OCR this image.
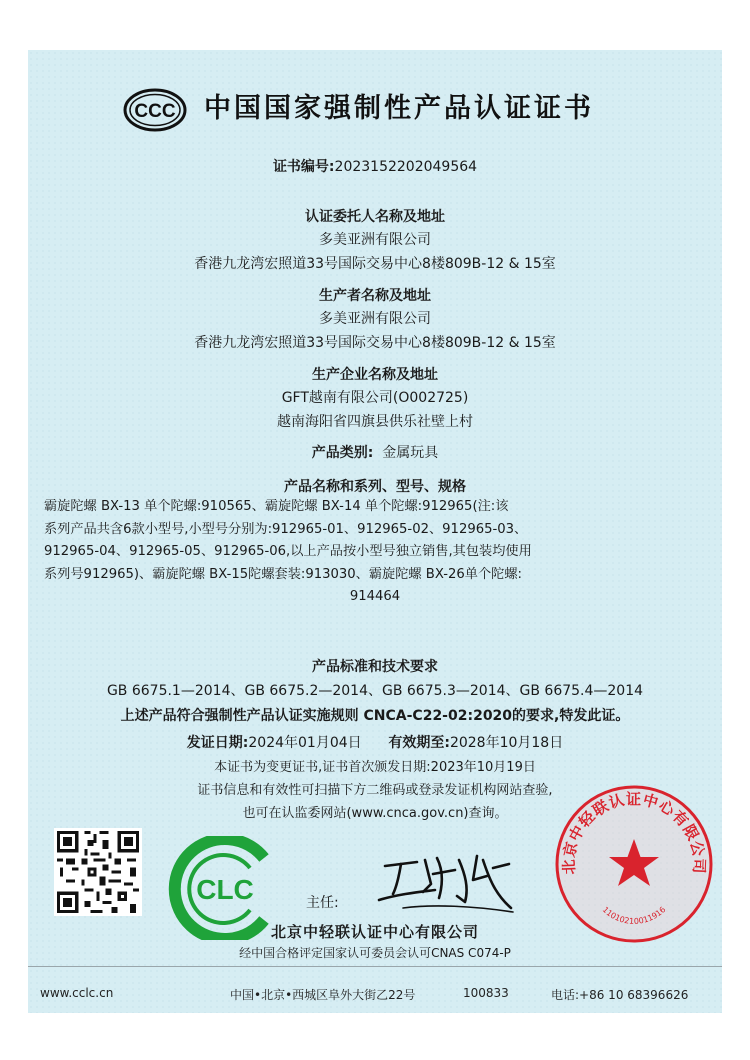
CCC 中国国家强制性产品认证证书
证书编号:2023152202049564
认证委托人名称及地址
多美亚洲有限公司
香港九龙湾宏照道33号国际交易中心8楼809B-12 & 15室
生产者名称及地址
多美亚洲有限公司
香港九龙湾宏照道33号国际交易中心8楼809B-12 & 15室
生产企业名称及地址
GFT越南有限公司(O002725)
越南海阳省四旗县供乐社壁上村
产品类别: 金属玩具
产品名称和系列、型号、规格
霸旋陀螺 BX-13 单个陀螺:910565、霸旋陀螺 BX-14 单个陀螺:912965(注:该
系列产品共含6款小型号,小型号分别为:912965-01、912965-02、912965-03、
912965-04、912965-05、912965-06,以上产品按小型号独立销售,其包装均使用
系列号912965)、霸旋陀螺 BX-15陀螺套装:913030、霸旋陀螺 BX-26单个陀螺:
914464
产品标准和技术要求
GB 6675.1—2014、GB 6675.2—2014、GB 6675.3—2014、GB 6675.4—2014
上述产品符合强制性产品认证实施规则 CNCA-C22-02:2020的要求,特发此证。
发证日期:2024年01月04日 有效期至:2028年10月18日
本证书为变更证书,证书首次颁发日期:2023年10月19日
证书信息和有效性可扫描下方二维码或登录发证机构网站查验,
也可在认监委网站(www.cnca.gov.cn)查询。
CLC	主任:
北京中轻联认证中心有限公司
11010210011916
北京中轻联认证中心有限公司
经中国合格评定国家认可委员会认可CNAS C074-P
www.cclc.cn	中国•北京•西城区阜外大街乙22号	100833	电话:+86 10 68396626
